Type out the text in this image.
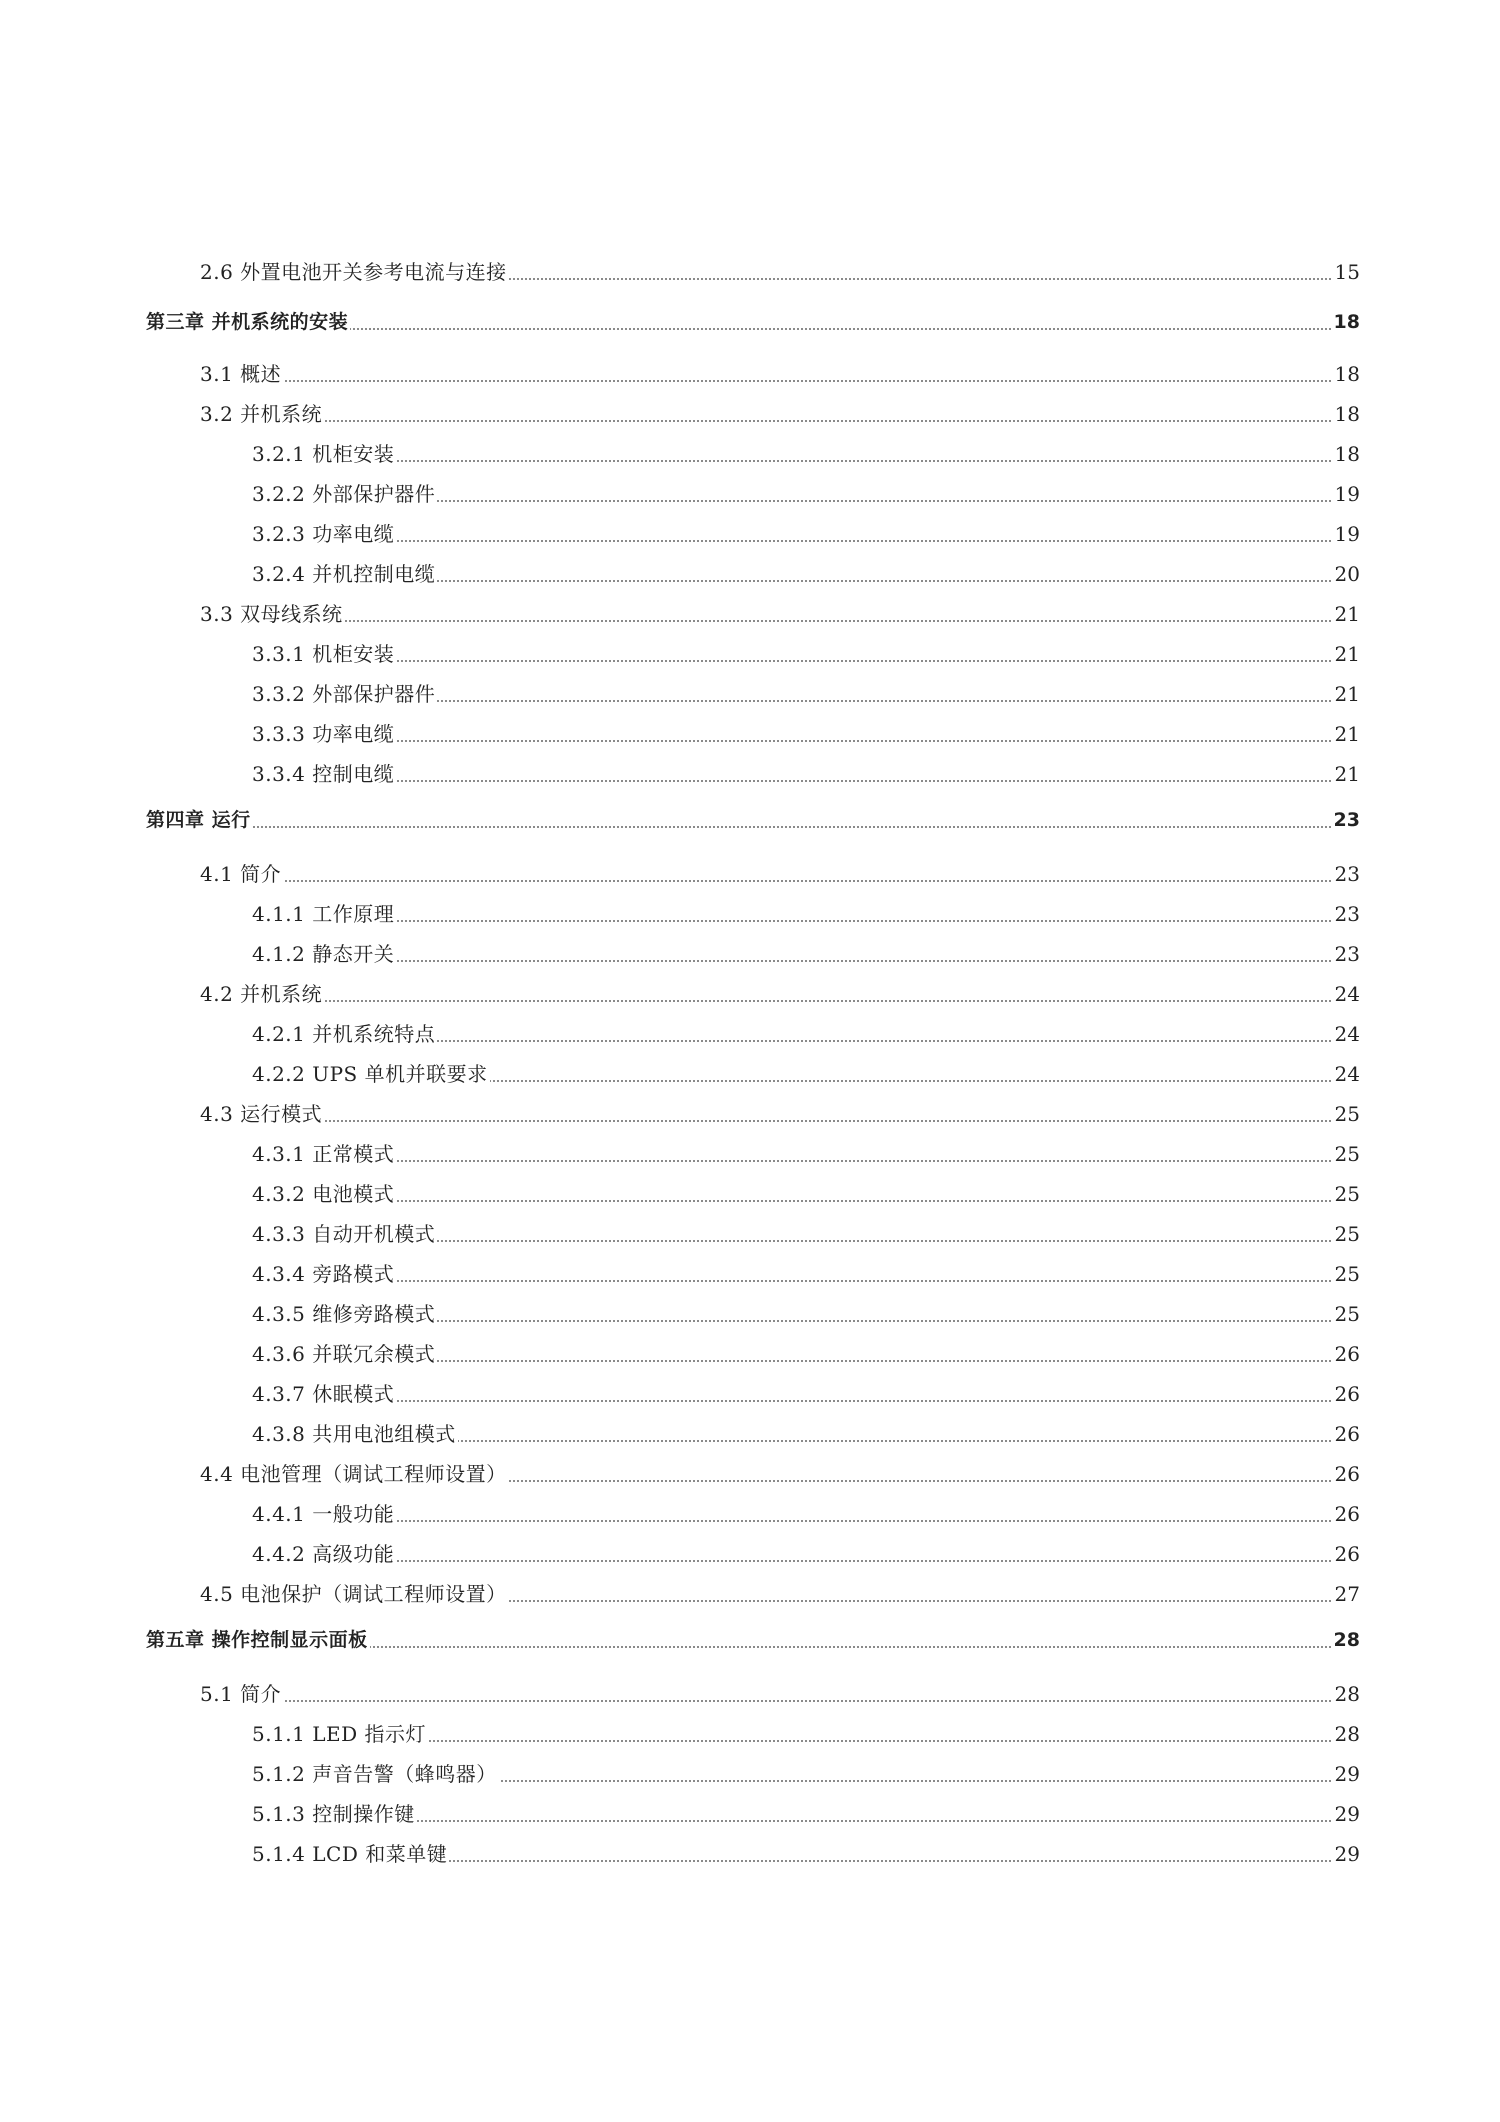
2.6 外置电池开关参考电流与连接	15
第三章 并机系统的安装	18
3.1 概述	18
3.2 并机系统	18
3.2.1 机柜安装	18
3.2.2 外部保护器件	19
3.2.3 功率电缆	19
3.2.4 并机控制电缆	20
3.3 双母线系统	21
3.3.1 机柜安装	21
3.3.2 外部保护器件	21
3.3.3 功率电缆	21
3.3.4 控制电缆	21
第四章 运行	23
4.1 简介	23
4.1.1 工作原理	23
4.1.2 静态开关	23
4.2 并机系统	24
4.2.1 并机系统特点	24
4.2.2 UPS 单机并联要求	24
4.3 运行模式	25
4.3.1 正常模式	25
4.3.2 电池模式	25
4.3.3 自动开机模式	25
4.3.4 旁路模式	25
4.3.5 维修旁路模式	25
4.3.6 并联冗余模式	26
4.3.7 休眠模式	26
4.3.8 共用电池组模式	26
4.4 电池管理（调试工程师设置）	26
4.4.1 一般功能	26
4.4.2 高级功能	26
4.5 电池保护（调试工程师设置）	27
第五章 操作控制显示面板	28
5.1 简介	28
5.1.1 LED 指示灯	28
5.1.2 声音告警（蜂鸣器）	29
5.1.3 控制操作键	29
5.1.4 LCD 和菜单键	29
